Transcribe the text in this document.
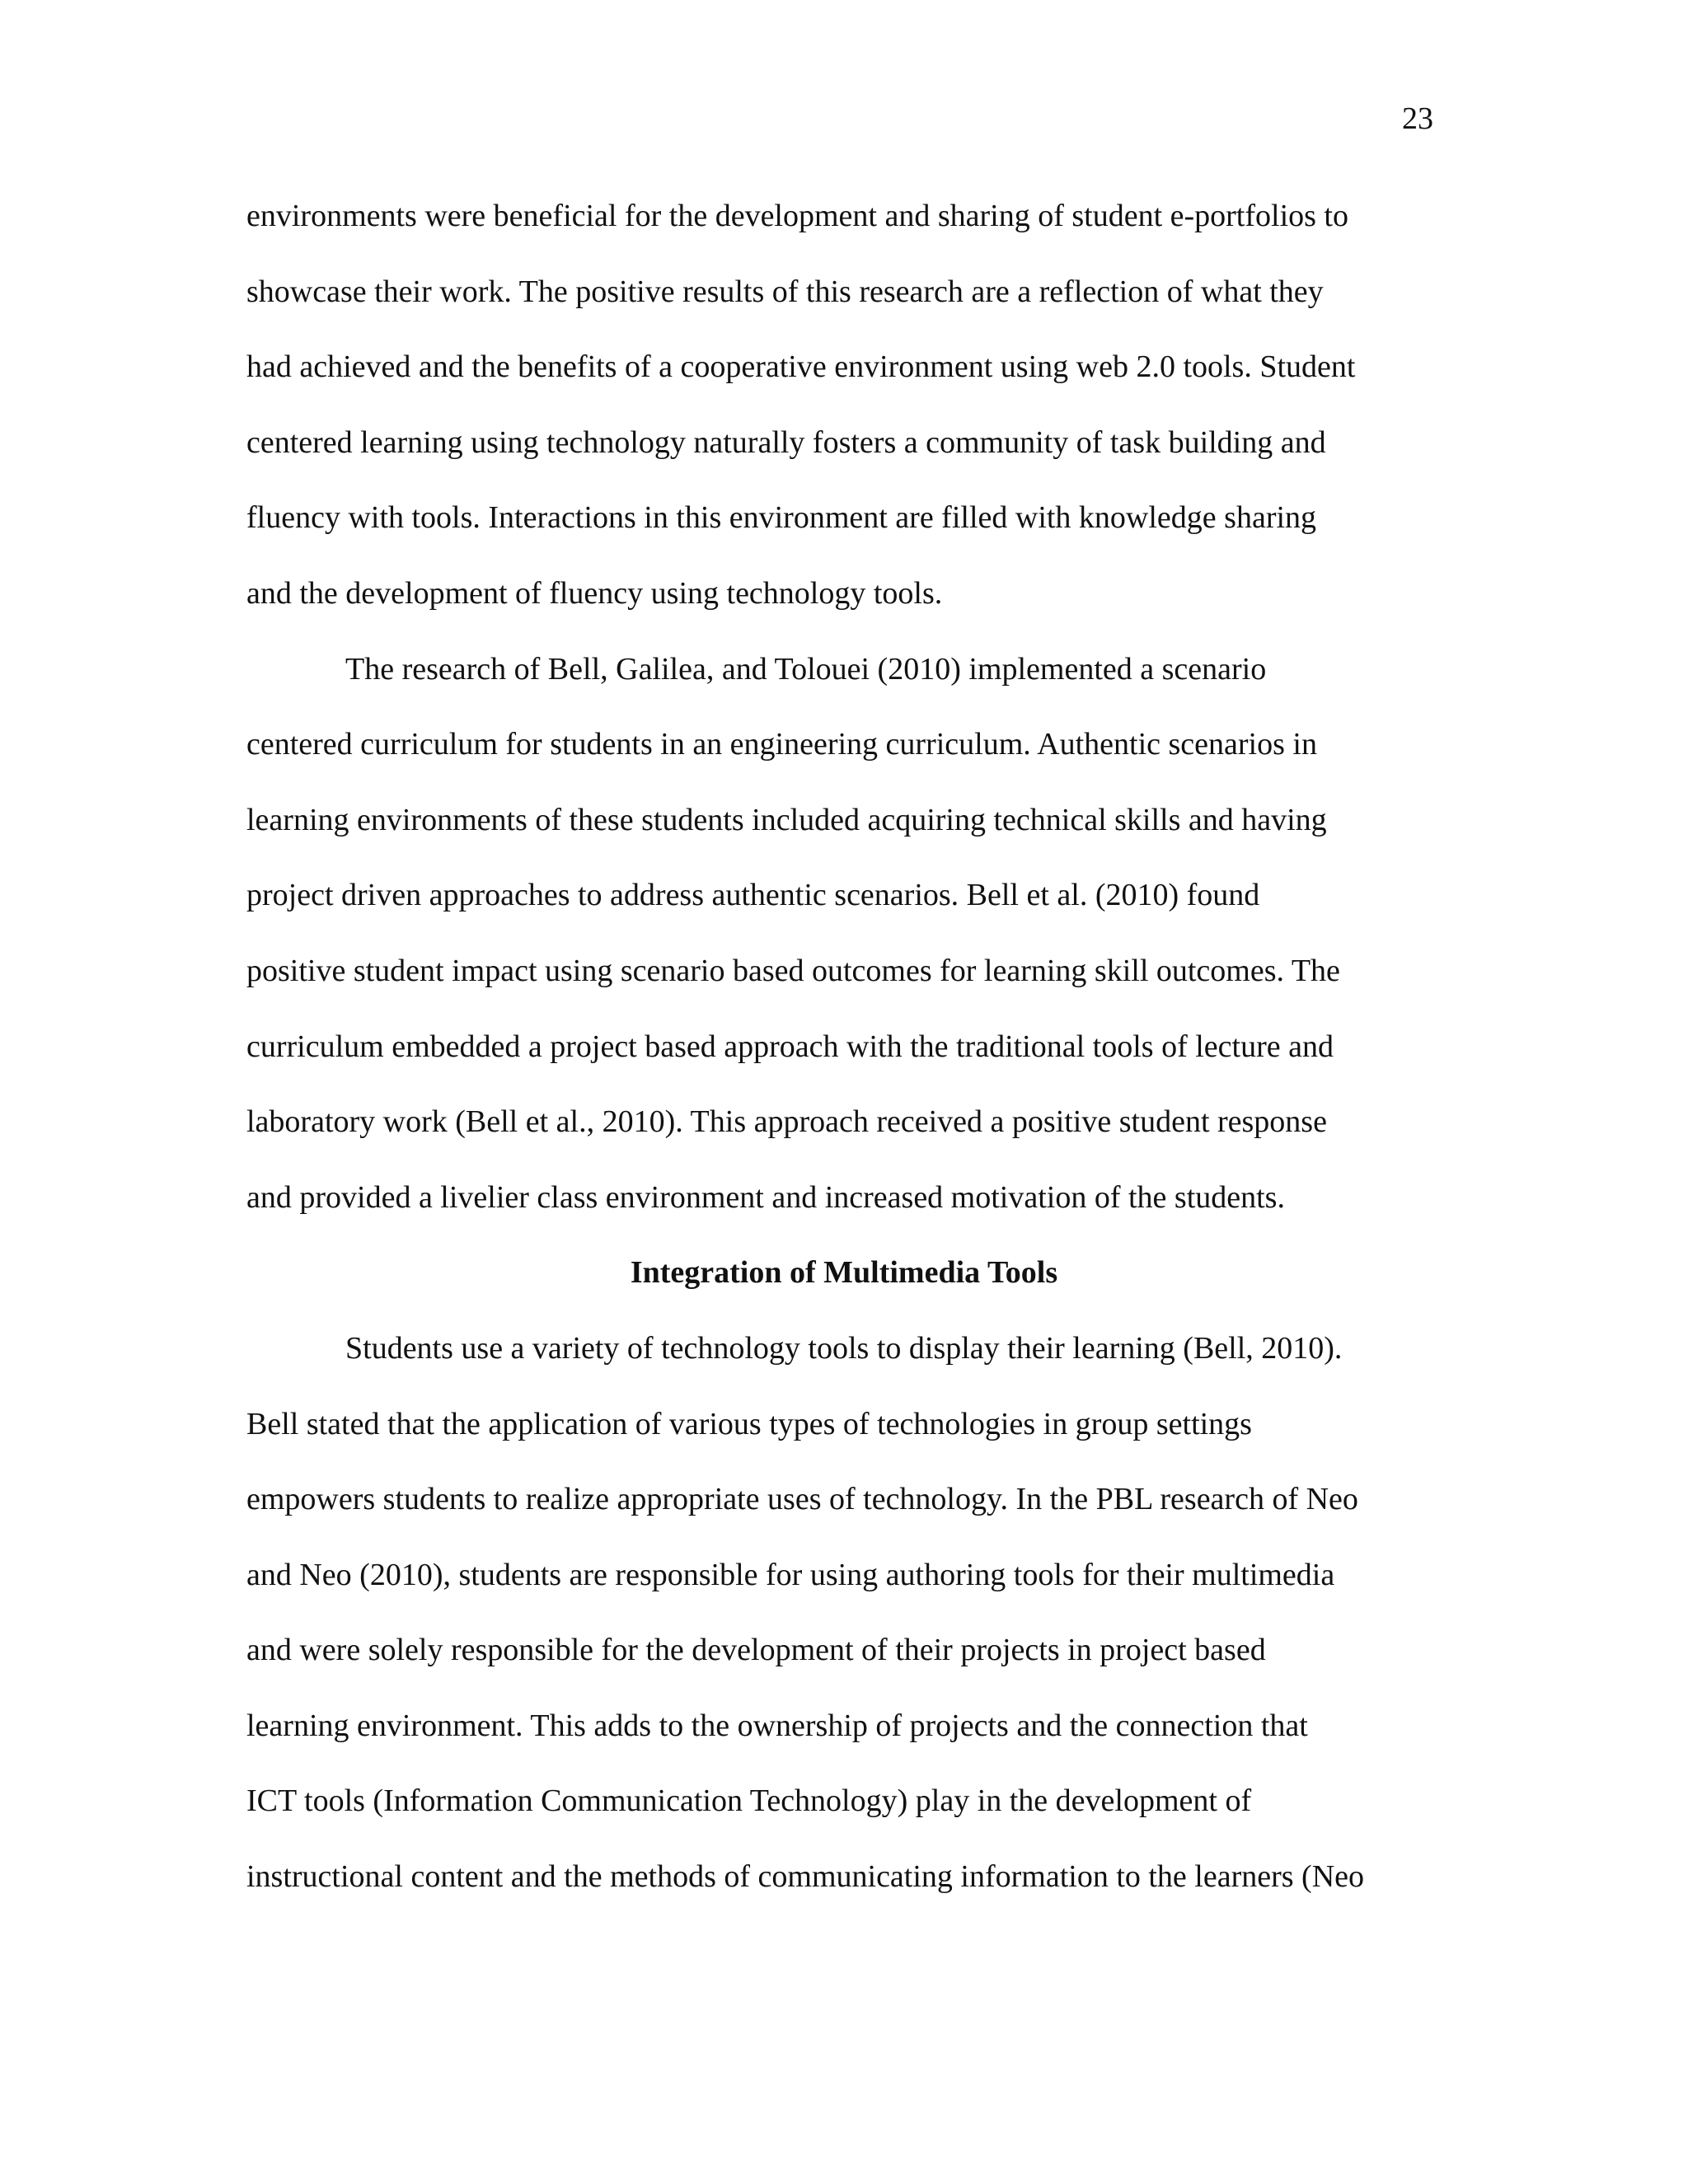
23
environments were beneficial for the development and sharing of student e-portfolios to
showcase their work. The positive results of this research are a reflection of what they
had achieved and the benefits of a cooperative environment using web 2.0 tools. Student
centered learning using technology naturally fosters a community of task building and
fluency with tools. Interactions in this environment are filled with knowledge sharing
and the development of fluency using technology tools.
The research of Bell, Galilea, and Tolouei (2010) implemented a scenario
centered curriculum for students in an engineering curriculum. Authentic scenarios in
learning environments of these students included acquiring technical skills and having
project driven approaches to address authentic scenarios. Bell et al. (2010) found
positive student impact using scenario based outcomes for learning skill outcomes. The
curriculum embedded a project based approach with the traditional tools of lecture and
laboratory work (Bell et al., 2010). This approach received a positive student response
and provided a livelier class environment and increased motivation of the students.
Integration of Multimedia Tools
Students use a variety of technology tools to display their learning (Bell, 2010).
Bell stated that the application of various types of technologies in group settings
empowers students to realize appropriate uses of technology. In the PBL research of Neo
and Neo (2010), students are responsible for using authoring tools for their multimedia
and were solely responsible for the development of their projects in project based
learning environment. This adds to the ownership of projects and the connection that
ICT tools (Information Communication Technology) play in the development of
instructional content and the methods of communicating information to the learners (Neo
